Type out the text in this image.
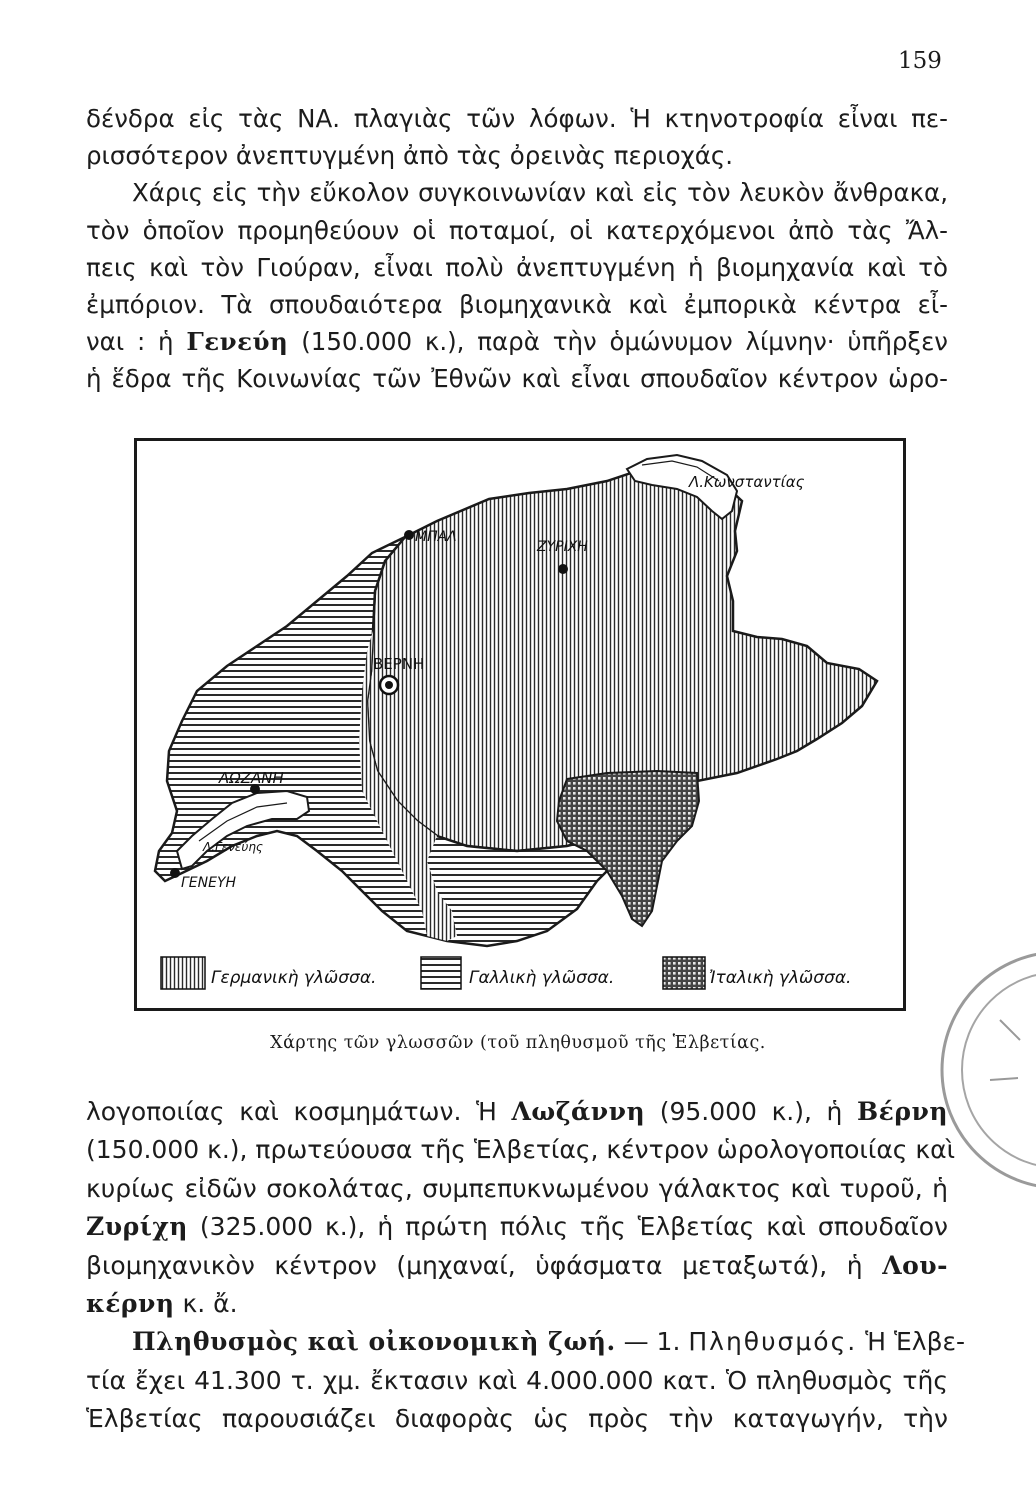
159
δένδρα εἰς τὰς ΝΑ. πλαγιὰς τῶν λόφων. Ἡ κτηνοτροφία εἶναι πε-
ρισσότερον ἀνεπτυγμένη ἀπὸ τὰς ὀρεινὰς περιοχάς.
Χάρις εἰς τὴν εὔκολον συγκοινωνίαν καὶ εἰς τὸν λευκὸν ἄνθρακα,
τὸν ὁποῖον προμηθεύουν οἱ ποταμοί, οἱ κατερχόμενοι ἀπὸ τὰς Ἄλ-
πεις καὶ τὸν Γιούραν, εἶναι πολὺ ἀνεπτυγμένη ἡ βιομηχανία καὶ τὸ
ἐμπόριον. Τὰ σπουδαιότερα βιομηχανικὰ καὶ ἐμπορικὰ κέντρα εἶ-
ναι : ἡ Γενεύη (150.000 κ.), παρὰ τὴν ὁμώνυμον λίμνην· ὑπῆρξεν
ἡ ἕδρα τῆς Κοινωνίας τῶν Ἐθνῶν καὶ εἶναι σπουδαῖον κέντρον ὡρο-
Λ.Κωνσταντίας
ΜΠΑΛ
ΖΥΡΙΧΗ
ΒΕΡΝΗ
ΛΩΖΑΝΗ
Λ.Γενεύης
ΓΕΝΕΥΗ
Γερμανικὴ γλῶσσα.	Γαλλικὴ γλῶσσα.	Ἰταλικὴ γλῶσσα.
Χάρτης τῶν γλωσσῶν (τοῦ πληθυσμοῦ τῆς Ἑλβετίας.
λογοποιίας καὶ κοσμημάτων. Ἡ Λωζάννη (95.000 κ.), ἡ Βέρνη
(150.000 κ.), πρωτεύουσα τῆς Ἑλβετίας, κέντρον ὡρολογοποιίας καὶ
κυρίως εἰδῶν σοκολάτας, συμπεπυκνωμένου γάλακτος καὶ τυροῦ, ἡ
Ζυρίχη (325.000 κ.), ἡ πρώτη πόλις τῆς Ἑλβετίας καὶ σπουδαῖον
βιομηχανικὸν κέντρον (μηχαναί, ὑφάσματα μεταξωτά), ἡ Λου-
κέρνη κ. ἄ.
Πληθυσμὸς καὶ οἰκονομικὴ ζωή. — 1. Πληθυσμός. Ἡ Ἑλβε-
τία ἔχει 41.300 τ. χμ. ἔκτασιν καὶ 4.000.000 κατ. Ὁ πληθυσμὸς τῆς
Ἑλβετίας παρουσιάζει διαφορὰς ὡς πρὸς τὴν καταγωγήν, τὴν
